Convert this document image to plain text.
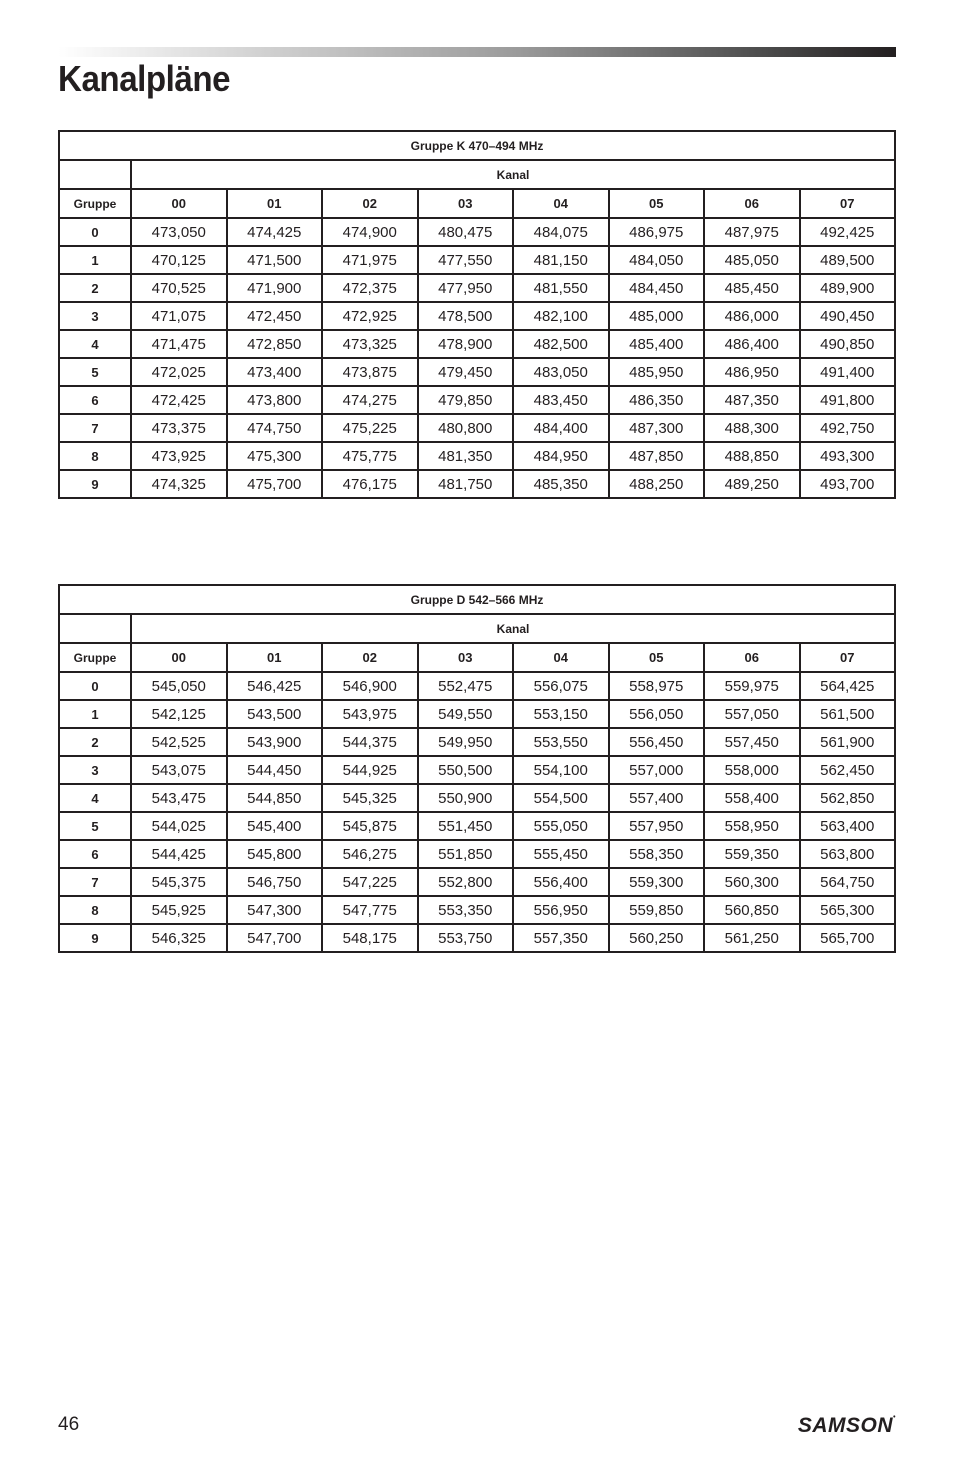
Kanalpläne
Gruppe K 470–494 MHz								
	Kanal							
Gruppe	00	01	02	03	04	05	06	07
0	473,050	474,425	474,900	480,475	484,075	486,975	487,975	492,425
1	470,125	471,500	471,975	477,550	481,150	484,050	485,050	489,500
2	470,525	471,900	472,375	477,950	481,550	484,450	485,450	489,900
3	471,075	472,450	472,925	478,500	482,100	485,000	486,000	490,450
4	471,475	472,850	473,325	478,900	482,500	485,400	486,400	490,850
5	472,025	473,400	473,875	479,450	483,050	485,950	486,950	491,400
6	472,425	473,800	474,275	479,850	483,450	486,350	487,350	491,800
7	473,375	474,750	475,225	480,800	484,400	487,300	488,300	492,750
8	473,925	475,300	475,775	481,350	484,950	487,850	488,850	493,300
9	474,325	475,700	476,175	481,750	485,350	488,250	489,250	493,700
Gruppe D 542–566 MHz								
	Kanal							
Gruppe	00	01	02	03	04	05	06	07
0	545,050	546,425	546,900	552,475	556,075	558,975	559,975	564,425
1	542,125	543,500	543,975	549,550	553,150	556,050	557,050	561,500
2	542,525	543,900	544,375	549,950	553,550	556,450	557,450	561,900
3	543,075	544,450	544,925	550,500	554,100	557,000	558,000	562,450
4	543,475	544,850	545,325	550,900	554,500	557,400	558,400	562,850
5	544,025	545,400	545,875	551,450	555,050	557,950	558,950	563,400
6	544,425	545,800	546,275	551,850	555,450	558,350	559,350	563,800
7	545,375	546,750	547,225	552,800	556,400	559,300	560,300	564,750
8	545,925	547,300	547,775	553,350	556,950	559,850	560,850	565,300
9	546,325	547,700	548,175	553,750	557,350	560,250	561,250	565,700
46	SAMSON•
